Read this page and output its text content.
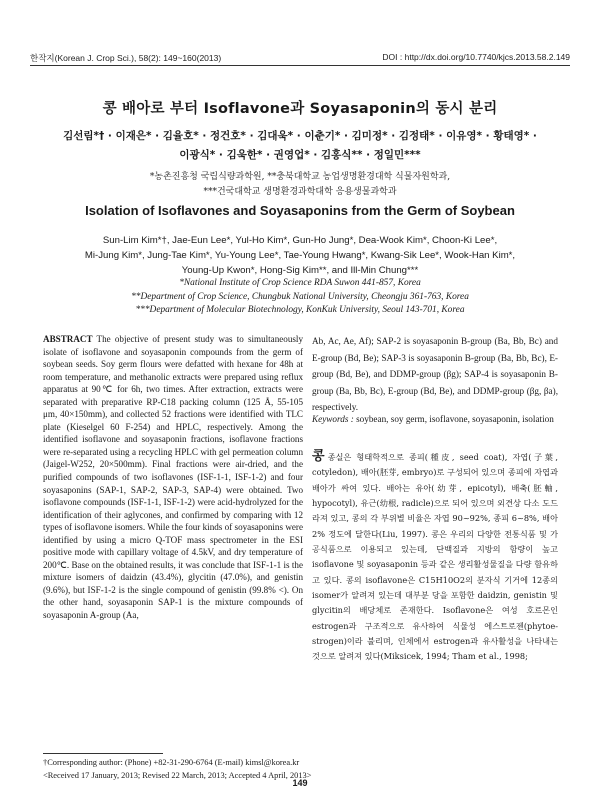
한작지(Korean J. Crop Sci.), 58(2): 149~160(2013)	DOI : http://dx.doi.org/10.7740/kjcs.2013.58.2.149
콩 배아로 부터 Isoflavone과 Soyasaponin의 동시 분리
김선림*† · 이재은* · 김율호* · 정건호* · 김대욱* · 이춘기* · 김미정* · 김정태* · 이유영* · 황태영* ·
이광식* · 김욱한* · 권영업* · 김홍식** · 정일민***
*농촌진흥청 국립식량과학원, **충북대학교 농업생명환경대학 식물자원학과,
***건국대학교 생명환경과학대학 응용생물과학과
Isolation of Isoflavones and Soyasaponins from the Germ of Soybean
Sun-Lim Kim*†, Jae-Eun Lee*, Yul-Ho Kim*, Gun-Ho Jung*, Dea-Wook Kim*, Choon-Ki Lee*,
Mi-Jung Kim*, Jung-Tae Kim*, Yu-Young Lee*, Tae-Young Hwang*, Kwang-Sik Lee*, Wook-Han Kim*,
Young-Up Kwon*, Hong-Sig Kim**, and Ill-Min Chung***
*National Institute of Crop Science RDA Suwon 441-857, Korea
**Department of Crop Science, Chungbuk National University, Cheongju 361-763, Korea
***Department of Molecular Biotechnology, KonKuk University, Seoul 143-701, Korea
ABSTRACT The objective of present study was to simultaneously isolate of isoflavone and soyasaponin compounds from the germ of soybean seeds. Soy germ flours were defatted with hexane for 48h at room temperature, and methanolic extracts were prepared using reflux apparatus at 90℃ for 6h, two times. After extraction, extracts were separated with preparative RP-C18 packing column (125 Å, 55-105 μm, 40×150mm), and collected 52 fractions were identified with TLC plate (Kieselgel 60 F-254) and HPLC, respectively. Among the identified isoflavone and soyasaponin fractions, isoflavone fractions were re-separated using a recycling HPLC with gel permeation column (Jaigel-W252, 20×500mm). Final fractions were air-dried, and the purified compounds of two isoflavones (ISF-1-1, ISF-1-2) and four soyasaponins (SAP-1, SAP-2, SAP-3, SAP-4) were obtained. Two isoflavone compounds (ISF-1-1, ISF-1-2) were acid-hydrolyzed for the identification of their aglycones, and confirmed by comparing with 12 types of isoflavone isomers. While the four kinds of soyasaponins were identified by using a micro Q-TOF mass spectrometer in the ESI positive mode with capillary voltage of 4.5kV, and dry temperature of 200℃. Base on the obtained results, it was conclude that ISF-1-1 is the mixture isomers of daidzin (43.4%), glycitin (47.0%), and genistin (9.6%), but ISF-1-2 is the single compound of genistin (99.8% <). On the other hand, soyasaponin SAP-1 is the mixture compounds of soyasaponin A-group (Aa,
Ab, Ac, Ae, Af); SAP-2 is soyasaponin B-group (Ba, Bb, Bc) and E-group (Bd, Be); SAP-3 is soyasaponin B-group (Ba, Bb, Bc), E-group (Bd, Be), and DDMP-group (βg); SAP-4 is soyasaponin B-group (Ba, Bb, Bc), E-group (Bd, Be), and DDMP-group (βg, βa), respectively.
Keywords : soybean, soy germ, isoflavone, soyasaponin, isolation
콩종실은 형태학적으로 종피(種皮, seed coat), 자엽(子葉, cotyledon), 배아(胚芽, embryo)로 구성되어 있으며 종피에 자엽과 배아가 싸여 있다. 배아는 유아(幼芽, epicotyl), 배축(胚軸, hypocotyl), 유근(幼根, radicle)으로 되어 있으며 외견상 다소 도드라져 있고, 콩의 각 부위별 비율은 자엽 90~92%, 종피 6~8%, 배아 2% 정도에 달한다(Liu, 1997). 콩은 우리의 다양한 전통식품 및 가공식품으로 이용되고 있는데, 단백질과 지방의 함량이 높고 isoflavone 및 soyasaponin 등과 같은 생리활성물질을 다량 함유하고 있다. 콩의 isoflavone은 C15H10O2의 분자식 기거에 12종의 isomer가 알려져 있는데 대부분 당을 포함한 daidzin, genistin 및 glycitin의 배당체로 존재한다. Isoflavone은 여성 호르몬인 estrogen과 구조적으로 유사하여 식물성 에스트로젠(phytoe-strogen)이라 불리며, 인체에서 estrogen과 유사활성을 나타내는 것으로 알려져 있다(Miksicek, 1994; Tham et al., 1998;
†Corresponding author: (Phone) +82-31-290-6764 (E-mail) kimsl@korea.kr
<Received 17 January, 2013; Revised 22 March, 2013; Accepted 4 April, 2013>
149
